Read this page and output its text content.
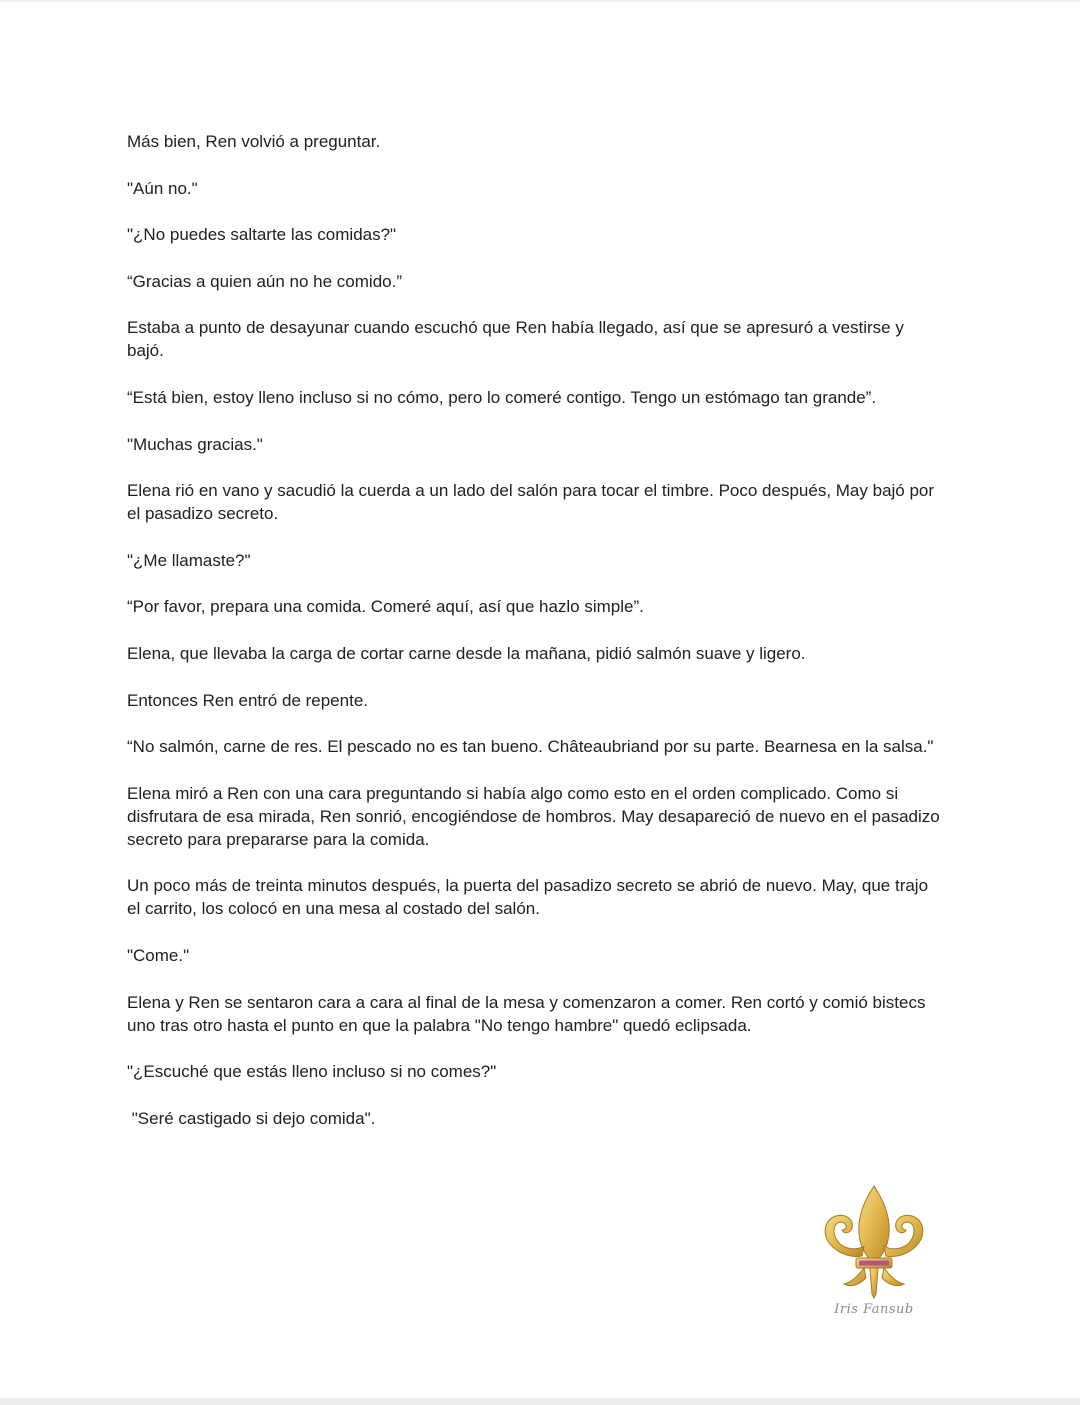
Más bien, Ren volvió a preguntar.

"Aún no."

"¿No puedes saltarte las comidas?"

“Gracias a quien aún no he comido.”

Estaba a punto de desayunar cuando escuchó que Ren había llegado, así que se apresuró a vestirse y bajó.

“Está bien, estoy lleno incluso si no cómo, pero lo comeré contigo. Tengo un estómago tan grande”.

"Muchas gracias."

Elena rió en vano y sacudió la cuerda a un lado del salón para tocar el timbre. Poco después, May bajó por el pasadizo secreto.

"¿Me llamaste?"

“Por favor, prepara una comida. Comeré aquí, así que hazlo simple”.

Elena, que llevaba la carga de cortar carne desde la mañana, pidió salmón suave y ligero.

Entonces Ren entró de repente.

“No salmón, carne de res. El pescado no es tan bueno. Châteaubriand por su parte. Bearnesa en la salsa."

Elena miró a Ren con una cara preguntando si había algo como esto en el orden complicado. Como si disfrutara de esa mirada, Ren sonrió, encogiéndose de hombros. May desapareció de nuevo en el pasadizo secreto para prepararse para la comida.

Un poco más de treinta minutos después, la puerta del pasadizo secreto se abrió de nuevo. May, que trajo el carrito, los colocó en una mesa al costado del salón.

"Come."

Elena y Ren se sentaron cara a cara al final de la mesa y comenzaron a comer. Ren cortó y comió bistecs uno tras otro hasta el punto en que la palabra "No tengo hambre" quedó eclipsada.

"¿Escuché que estás lleno incluso si no comes?"

"Seré castigado si dejo comida".

Iris Fansub
